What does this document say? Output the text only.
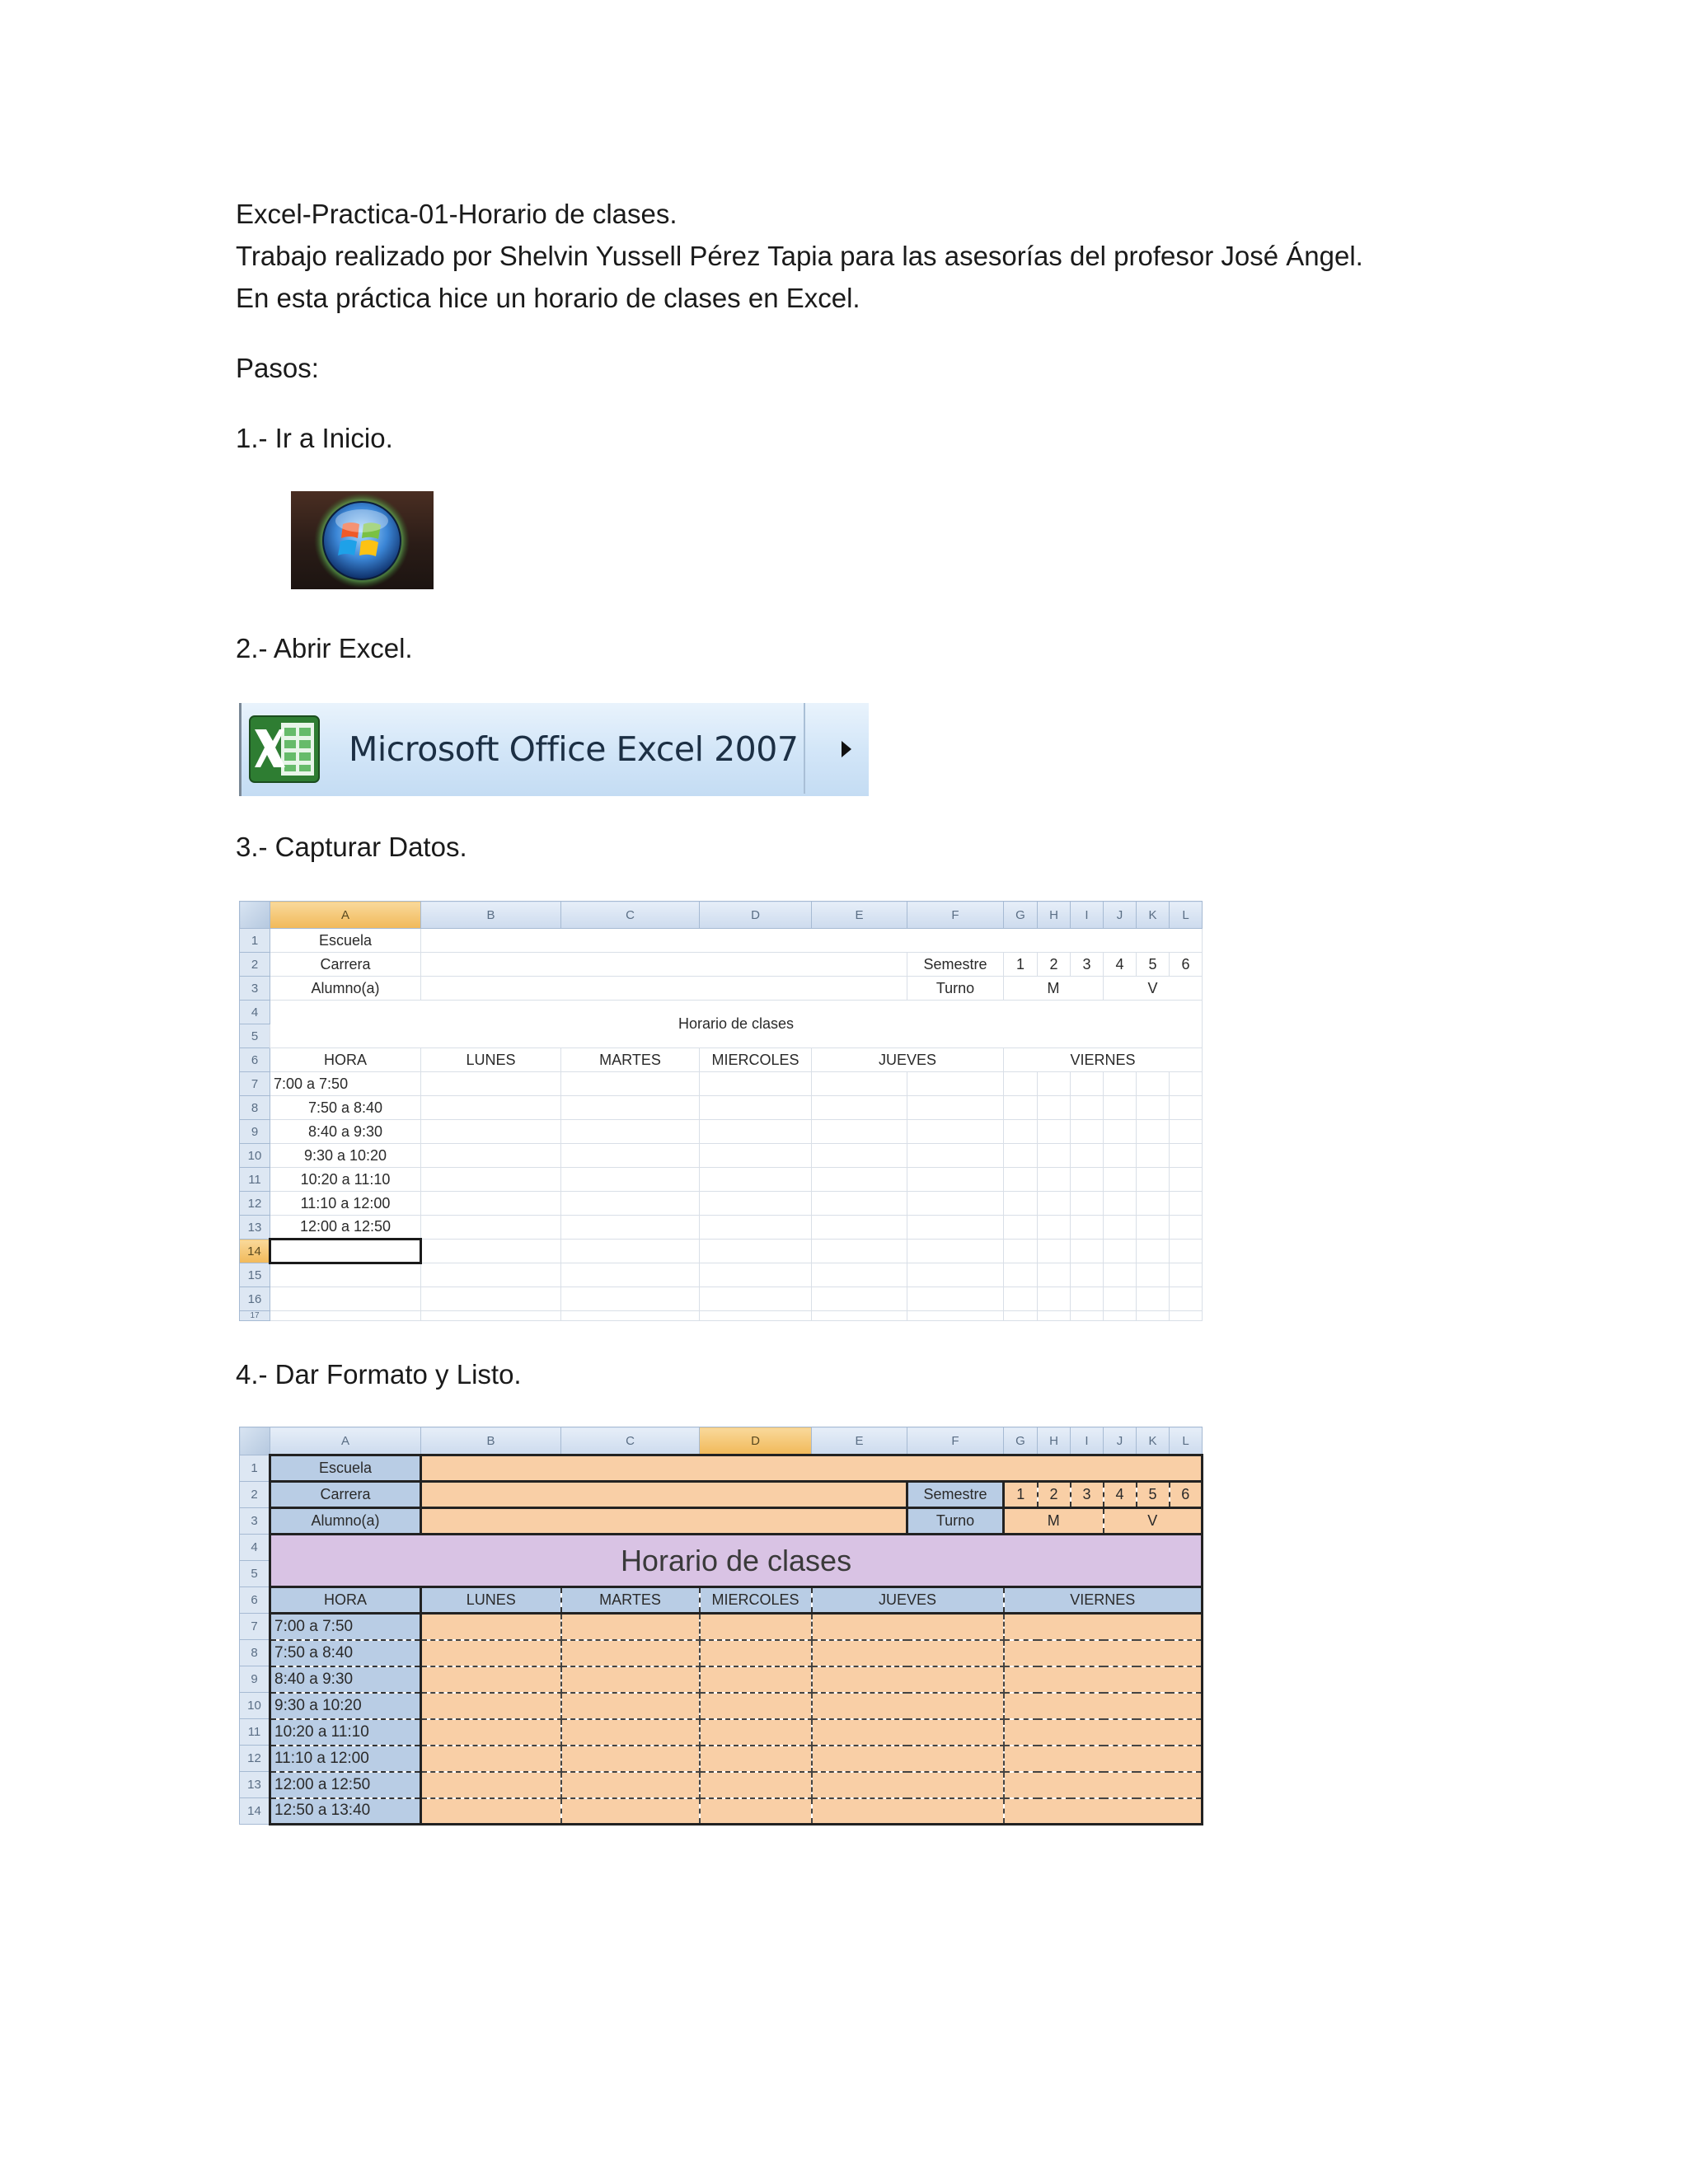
Excel-Practica-01-Horario de clases.
Trabajo realizado por Shelvin Yussell Pérez Tapia para las asesorías del profesor José Ángel.
En esta práctica hice un horario de clases en Excel.
Pasos:
1.- Ir a Inicio.
2.- Abrir Excel.
Microsoft Office Excel 2007
3.- Capturar Datos.
	A	B	C	D	E	F	G	H	I	J	K	L
1	Escuela											
2	Carrera					Semestre	1	2	3	4	5	6
3	Alumno(a)					Turno	M			V		
4	Horario de clases											
5												
6	HORA	LUNES	MARTES	MIERCOLES	JUEVES		VIERNES					
7	7:00 a 7:50											
8	7:50 a 8:40											
9	8:40 a 9:30											
10	9:30 a 10:20											
11	10:20 a 11:10											
12	11:10 a 12:00											
13	12:00 a 12:50											
14												
15												
16												
17												
4.- Dar Formato y Listo.
	A	B	C	D	E	F	G	H	I	J	K	L
1	Escuela											
2	Carrera					Semestre	1	2	3	4	5	6
3	Alumno(a)					Turno	M			V		
4	Horario de clases											
5												
6	HORA	LUNES	MARTES	MIERCOLES	JUEVES		VIERNES					
7	7:00 a 7:50											
8	7:50 a 8:40											
9	8:40 a 9:30											
10	9:30 a 10:20											
11	10:20 a 11:10											
12	11:10 a 12:00											
13	12:00 a 12:50											
14	12:50 a 13:40											
